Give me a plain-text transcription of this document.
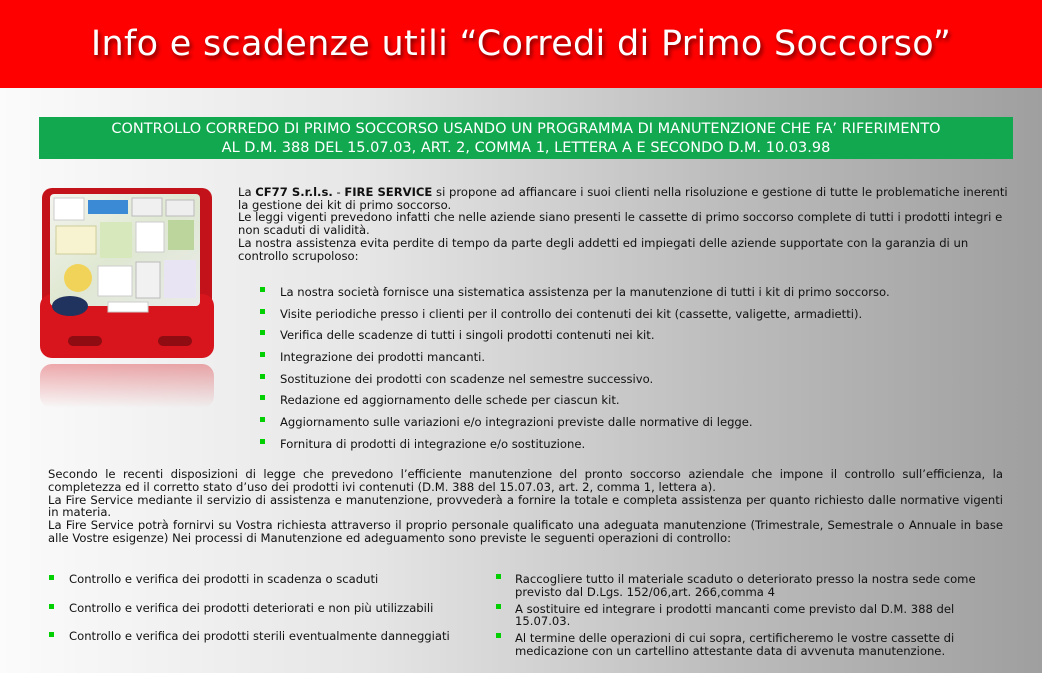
Info e scadenze utili “Corredi di Primo Soccorso”
CONTROLLO CORREDO DI PRIMO SOCCORSO USANDO UN PROGRAMMA DI MANUTENZIONE CHE FA’ RIFERIMENTO
AL D.M. 388 DEL 15.07.03, ART. 2, COMMA 1, LETTERA A E SECONDO D.M. 10.03.98

La CF77 S.r.l.s. - FIRE SERVICE si propone ad affiancare i suoi clienti nella risoluzione e gestione di tutte le problematiche inerenti la gestione dei kit di primo soccorso.

Le leggi vigenti prevedono infatti che nelle aziende siano presenti le cassette di primo soccorso complete di tutti i prodotti integri e non scaduti di validità.

La nostra assistenza evita perdite di tempo da parte degli addetti ed impiegati delle aziende supportate con la garanzia di un controllo scrupoloso:

La nostra società fornisce una sistematica assistenza per la manutenzione di tutti i kit di primo soccorso.
Visite periodiche presso i clienti per il controllo dei contenuti dei kit (cassette, valigette, armadietti).
Verifica delle scadenze di tutti i singoli prodotti contenuti nei kit.
Integrazione dei prodotti mancanti.
Sostituzione dei prodotti con scadenze nel semestre successivo.
Redazione ed aggiornamento delle schede per ciascun kit.
Aggiornamento sulle variazioni e/o integrazioni previste dalle normative di legge.
Fornitura di prodotti di integrazione e/o sostituzione.

Secondo le recenti disposizioni di legge che prevedono l’efficiente manutenzione del pronto soccorso aziendale che impone il controllo sull’efficienza, la completezza ed il corretto stato d’uso dei prodotti ivi contenuti (D.M. 388 del 15.07.03, art. 2, comma 1, lettera a).

La Fire Service mediante il servizio di assistenza e manutenzione, provvederà a fornire la totale e completa assistenza per quanto richiesto dalle normative vigenti in materia.

La Fire Service potrà fornirvi su Vostra richiesta attraverso il proprio personale qualificato una adeguata manutenzione (Trimestrale, Semestrale o Annuale in base alle Vostre esigenze) Nei processi di Manutenzione ed adeguamento sono previste le seguenti operazioni di controllo:

Controllo e verifica dei prodotti in scadenza o scaduti
Controllo e verifica dei prodotti deteriorati e non più utilizzabili
Controllo e verifica dei prodotti sterili eventualmente danneggiati
Raccogliere tutto il materiale scaduto o deteriorato presso la nostra sede come previsto dal D.Lgs. 152/06,art. 266,comma 4
A sostituire ed integrare i prodotti mancanti come previsto dal D.M. 388 del 15.07.03.
Al termine delle operazioni di cui sopra, certificheremo le vostre cassette di medicazione con un cartellino attestante data di avvenuta manutenzione.
